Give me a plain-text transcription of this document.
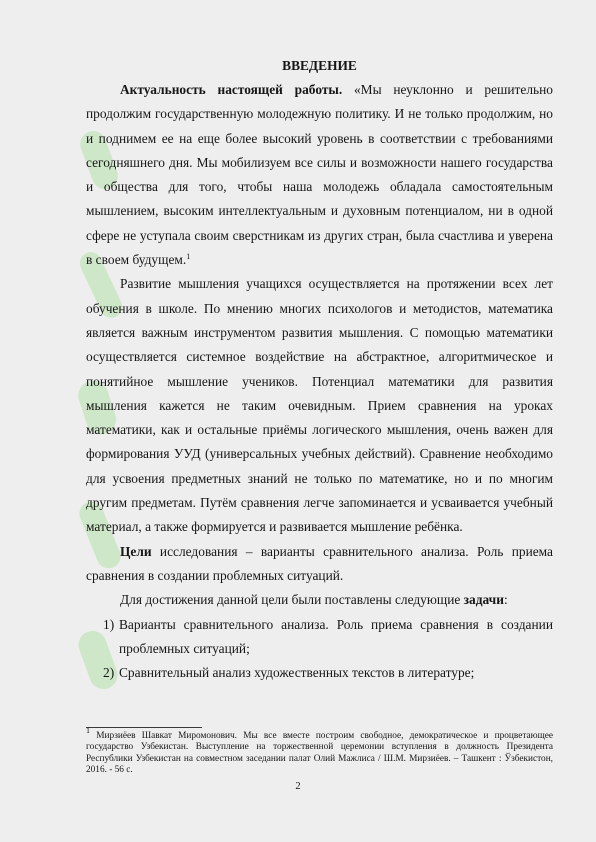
ВВЕДЕНИЕ

Актуальность настоящей работы. «Мы неуклонно и решительно продолжим государственную молодежную политику. И не только продолжим, но и поднимем ее на еще более высокий уровень в соответствии с требованиями сегодняшнего дня. Мы мобилизуем все силы и возможности нашего государства и общества для того, чтобы наша молодежь обладала самостоятельным мышлением, высоким интеллектуальным и духовным потенциалом, ни в одной сфере не уступала своим сверстникам из других стран, была счастлива и уверена в своем будущем.$^1$

Развитие мышления учащихся осуществляется на протяжении всех лет обучения в школе. По мнению многих психологов и методистов, математика является важным инструментом развития мышления. С помощью математики осуществляется системное воздействие на абстрактное, алгоритмическое и понятийное мышление учеников. Потенциал математики для развития мышления кажется не таким очевидным. Прием сравнения на уроках математики, как и остальные приёмы логического мышления, очень важен для формирования УУД (универсальных учебных действий). Сравнение необходимо для усвоения предметных знаний не только по математике, но и по многим другим предметам. Путём сравнения легче запоминается и усваивается учебный материал, а также формируется и развивается мышление ребёнка.

Цели исследования – варианты сравнительного анализа. Роль приема сравнения в создании проблемных ситуаций.

Для достижения данной цели были поставлены следующие задачи:

1) Варианты сравнительного анализа. Роль приема сравнения в создании проблемных ситуаций;
2) Сравнительный анализ художественных текстов в литературе;
$^1$ Мирзиёев Шавкат Миромонович. Мы все вместе построим свободное, демократическое и процветающее государство Узбекистан. Выступление на торжественной церемонии вступления в должность Президента Республики Узбекистан на совместном заседании палат Олий Мажлиса / Ш.М. Мирзиёев. – Ташкент : Ўзбекистон, 2016. - 56 с.
2
